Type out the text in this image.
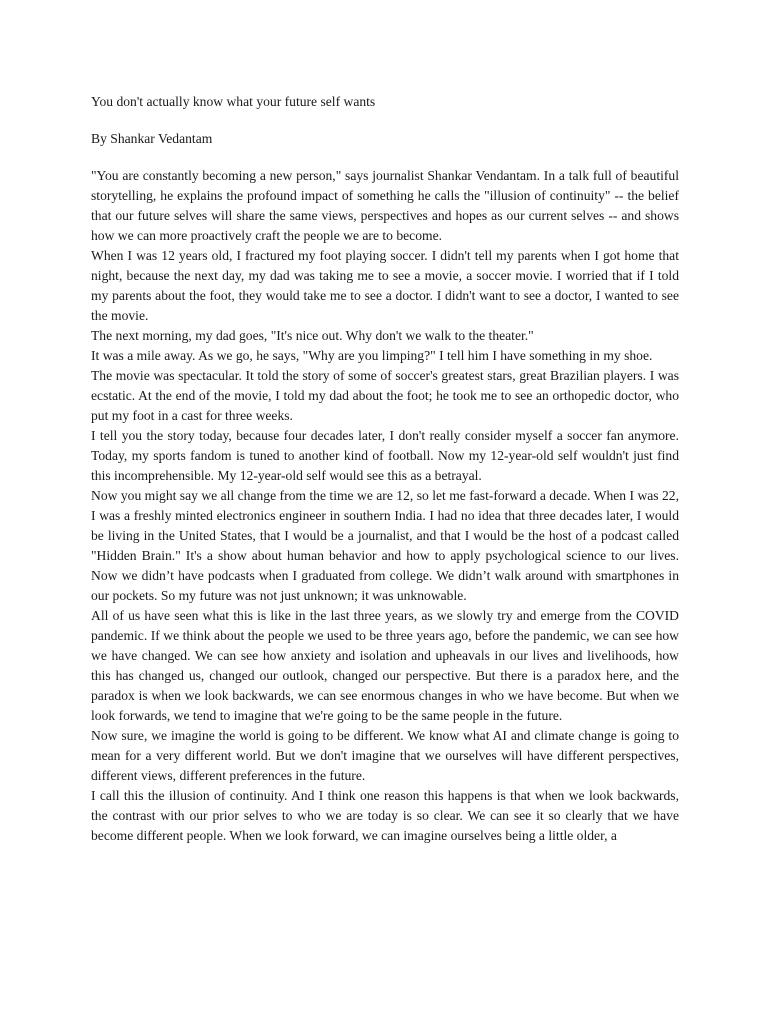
You don't actually know what your future self wants
By Shankar Vedantam

"You are constantly becoming a new person," says journalist Shankar Vendantam. In a talk full of beautiful storytelling, he explains the profound impact of something he calls the "illusion of continuity" -- the belief that our future selves will share the same views, perspectives and hopes as our current selves -- and shows how we can more proactively craft the people we are to become.

When I was 12 years old, I fractured my foot playing soccer. I didn't tell my parents when I got home that night, because the next day, my dad was taking me to see a movie, a soccer movie. I worried that if I told my parents about the foot, they would take me to see a doctor. I didn't want to see a doctor, I wanted to see the movie.

The next morning, my dad goes, "It's nice out. Why don't we walk to the theater."

It was a mile away. As we go, he says, "Why are you limping?" I tell him I have something in my shoe.

The movie was spectacular. It told the story of some of soccer's greatest stars, great Brazilian players. I was ecstatic. At the end of the movie, I told my dad about the foot; he took me to see an orthopedic doctor, who put my foot in a cast for three weeks.

I tell you the story today, because four decades later, I don't really consider myself a soccer fan anymore. Today, my sports fandom is tuned to another kind of football. Now my 12-year-old self wouldn't just find this incomprehensible. My 12-year-old self would see this as a betrayal.

Now you might say we all change from the time we are 12, so let me fast-forward a decade. When I was 22, I was a freshly minted electronics engineer in southern India. I had no idea that three decades later, I would be living in the United States, that I would be a journalist, and that I would be the host of a podcast called "Hidden Brain." It's a show about human behavior and how to apply psychological science to our lives. Now we didn’t have podcasts when I graduated from college. We didn’t walk around with smartphones in our pockets. So my future was not just unknown; it was unknowable.

All of us have seen what this is like in the last three years, as we slowly try and emerge from the COVID pandemic. If we think about the people we used to be three years ago, before the pandemic, we can see how we have changed. We can see how anxiety and isolation and upheavals in our lives and livelihoods, how this has changed us, changed our outlook, changed our perspective. But there is a paradox here, and the paradox is when we look backwards, we can see enormous changes in who we have become. But when we look forwards, we tend to imagine that we're going to be the same people in the future.

Now sure, we imagine the world is going to be different. We know what AI and climate change is going to mean for a very different world. But we don't imagine that we ourselves will have different perspectives, different views, different preferences in the future.

I call this the illusion of continuity. And I think one reason this happens is that when we look backwards, the contrast with our prior selves to who we are today is so clear. We can see it so clearly that we have become different people. When we look forward, we can imagine ourselves being a little older, a
